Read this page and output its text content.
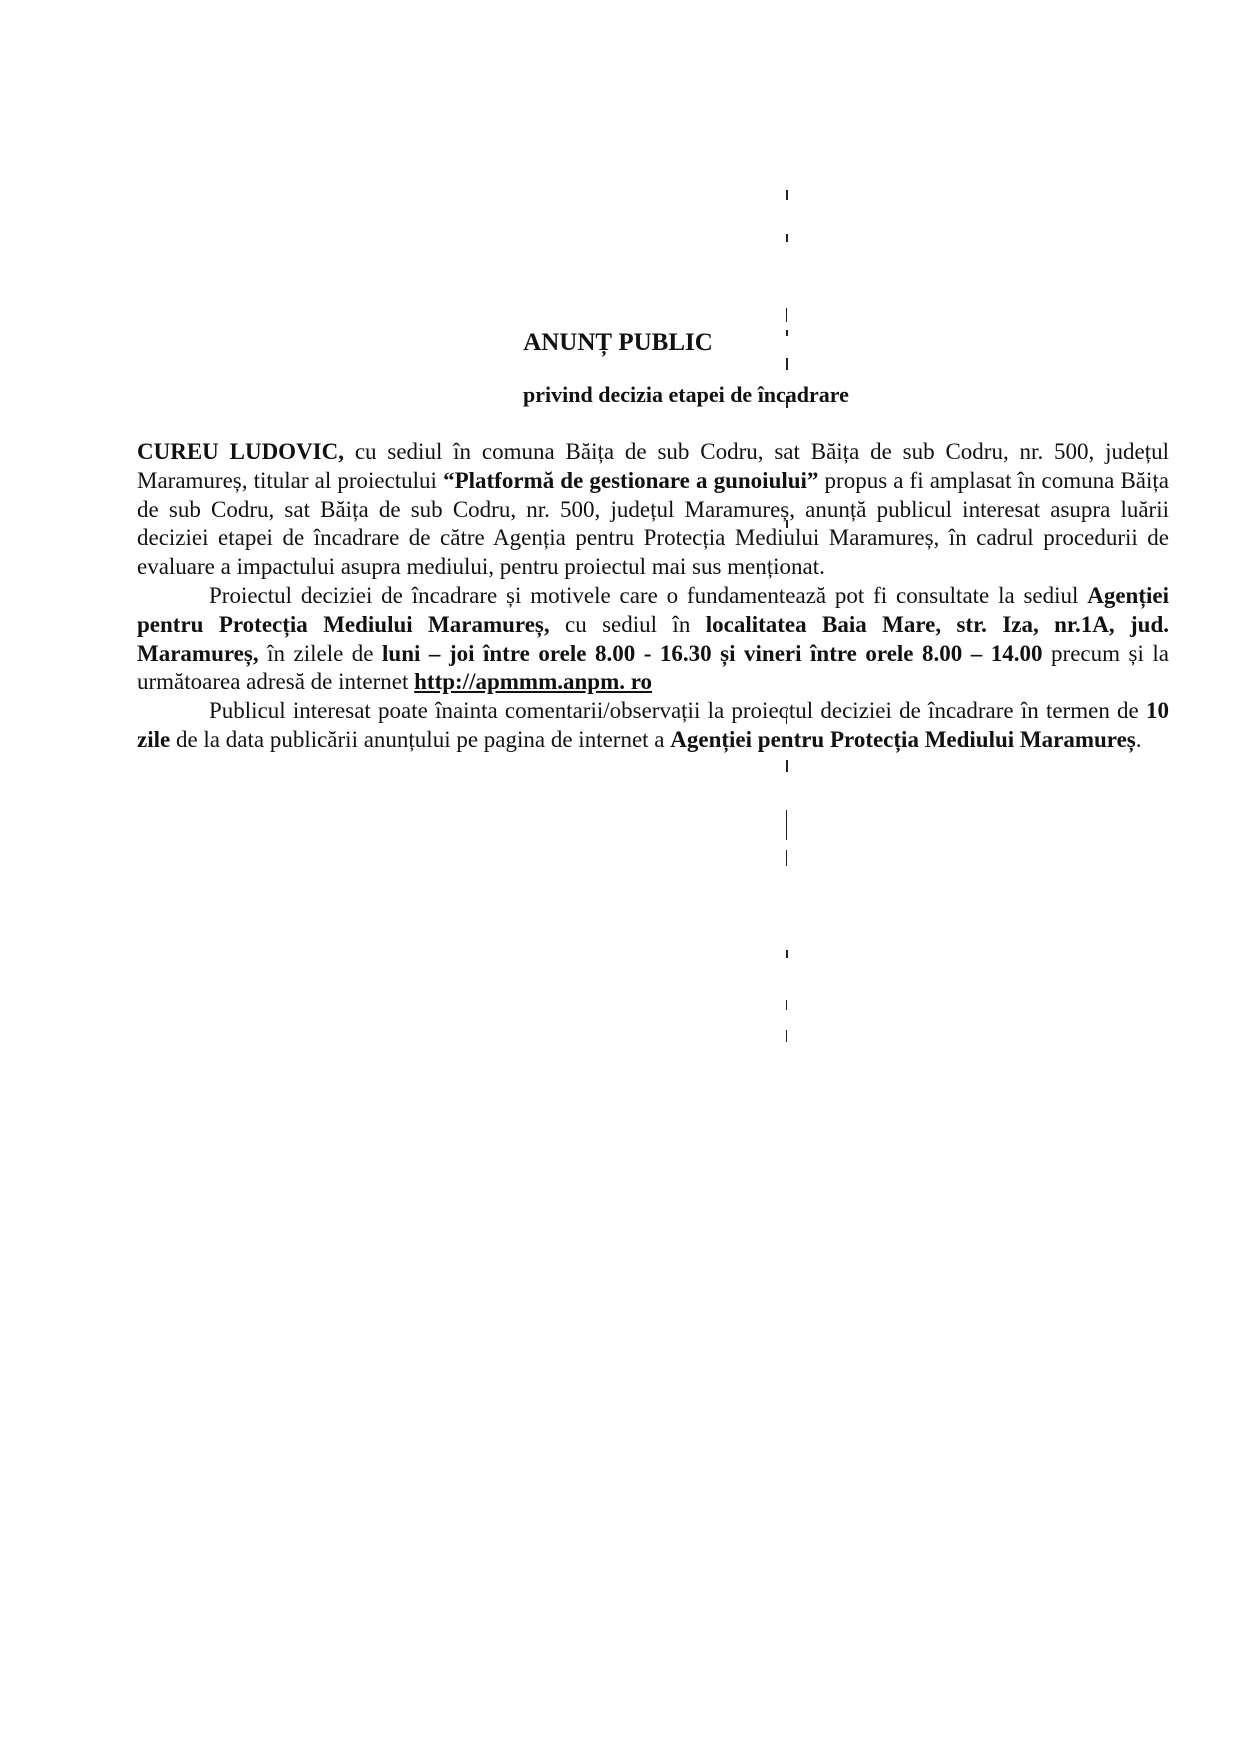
ANUNȚ PUBLIC
privind decizia etapei de încadrare

CUREU LUDOVIC, cu sediul în comuna Băița de sub Codru, sat Băița de sub Codru, nr. 500, județul Maramureș, titular al proiectului “Platformă de gestionare a gunoiului” propus a fi amplasat în comuna Băița de sub Codru, sat Băița de sub Codru, nr. 500, județul Maramureș, anunță publicul interesat asupra luării deciziei etapei de încadrare de către Agenția pentru Protecția Mediului Maramureș, în cadrul procedurii de evaluare a impactului asupra mediului, pentru proiectul mai sus menționat.

Proiectul deciziei de încadrare și motivele care o fundamentează pot fi consultate la sediul Agenției pentru Protecția Mediului Maramureș, cu sediul în localitatea Baia Mare, str. Iza, nr.1A, jud. Maramureș, în zilele de luni – joi între orele 8.00 - 16.30 și vineri între orele 8.00 – 14.00 precum și la următoarea adresă de internet http://apmmm.anpm. ro

Publicul interesat poate înainta comentarii/observații la proiectul deciziei de încadrare în termen de 10 zile de la data publicării anunțului pe pagina de internet a Agenției pentru Protecția Mediului Maramureș.
